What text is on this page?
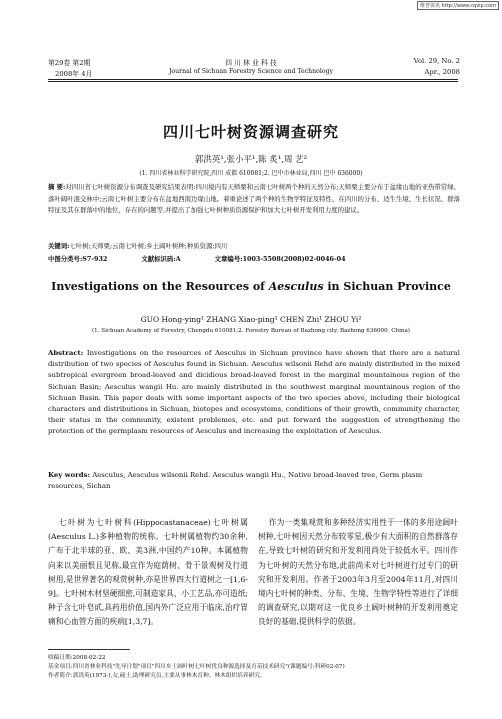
维普资讯 http://www.cqvip.com
第29卷 第2期
2008年 4月
四 川 林 业 科 技
Journal of Sichuan Forestry Science and Technology
Vol. 29, No. 2
Apr., 2008
四川七叶树资源调查研究
郭洪英¹,张小平¹,陈 炙¹,周 艺²
(1. 四川省林业科学研究院,四川 成都 610081;2. 巴中市林业局,四川 巴中 636000)
摘 要:对四川省七叶树资源分布调查及研究结果表明:四川境内有天师栗和云南七叶树两个种的天然分布;天师栗主要分布于盆缘山地的亚热带常绿、落叶阔叶混交林中;云南七叶树主要分布在盆地西南边缘山地。着重论述了两个种的生物学特征及特性、在四川的分布、适生生境、生长状况、群落特征及其在群落中的地位、存在的问题等,并提出了加强七叶树种质资源保护和加大七叶树开发利用力度的建议。
关键词:七叶树;天师栗;云南七叶树;乡土阔叶树种;种质资源;四川
中图分类号:S7-932	文献标识码:A	文章编号:1003-5508(2008)02-0046-04
Investigations on the Resources of Aesculus in Sichuan Province
GUO Hong-ying¹ ZHANG Xiao-ping¹ CHEN Zhi¹ ZHOU Yi²
(1. Sichuan Academy of Forestry, Chengdu 610081;2. Forestry Bureau of Bazhong city, Bazhong 636000, China)
Abstract: Investigations on the resources of Aesculus in Sichuan province have shown that there are a natural distribution of two species of Aesculus found in Sichuan. Aesculus wilsonii Rehd are mainly distributed in the mixed subtropical evergreen broad-leaved and dicidious broad-leaved forest in the marginal mountainous region of the Sichuan Basin; Aesculus wangii Hu. are mainly distributed in the southwest marginal mountainous region of the Sichuan Basin. This paper deals with some important aspects of the two species above, including their biological characters and distributions in Sichuan, biotopes and ecosystems, conditions of their growth, community character, their status in the community, existent problemes, etc. and put forward the suggestion of strengthening the protection of the germplasm resources of Aesculus and increasing the exploitation of Aesculus.
Key words: Aesculus, Aesculus wilsonii Rehd. Aesculus wangii Hu., Native broad-leaved tree, Germ plasm resources, Sichan
七叶树为七叶树科(Hippocastanaceae)七叶树属(Aesculus L.)多种植物的统称。七叶树属植物约30余种,广布于北半球的亚、欧、美3洲,中国约产10种。本属植物向来以美丽恨且见称,最宜作为庭荫树、骨干景观树及行道树用,是世界著名的观赏树种,亦是世界四大行道树之一[1,6-9]。七叶树木材坚硬细密,可制造家具、小工艺品,亦可造纸;种子含七叶皂甙,具药用价值,国内外广泛应用于临床,治疗胃痛和心血管方面的疾病[1,3,7]。
作为一类集观赏和多种经济实用性于一体的多用途阔叶树种,七叶树因天然分布较零星,极少有大面积的自然群落存在,导致七叶树的研究和开发利用尚处于较低水平。四川作为七叶树的天然分布地,此前尚未对七叶树进行过专门的研究和开发利用。作者于2003年3月至2004年11月,对四川境内七叶树的种类、分布、生境、生物学特性等进行了详细的调查研究,以期对这一优良乡土阔叶树种的开发利用奠定良好的基础,提供科学的依据。
收稿日期:2008-02-22
基金项目:四川省林业科技"先导计划"项目"四川乡土阔叶树七叶树优良种源选择及育苗技术研究"(课题编号:科研02-07)
作者简介:郭洪英(1973-),女,硕士,助理研究员,主要从事林木育种、林木组织培养研究。
